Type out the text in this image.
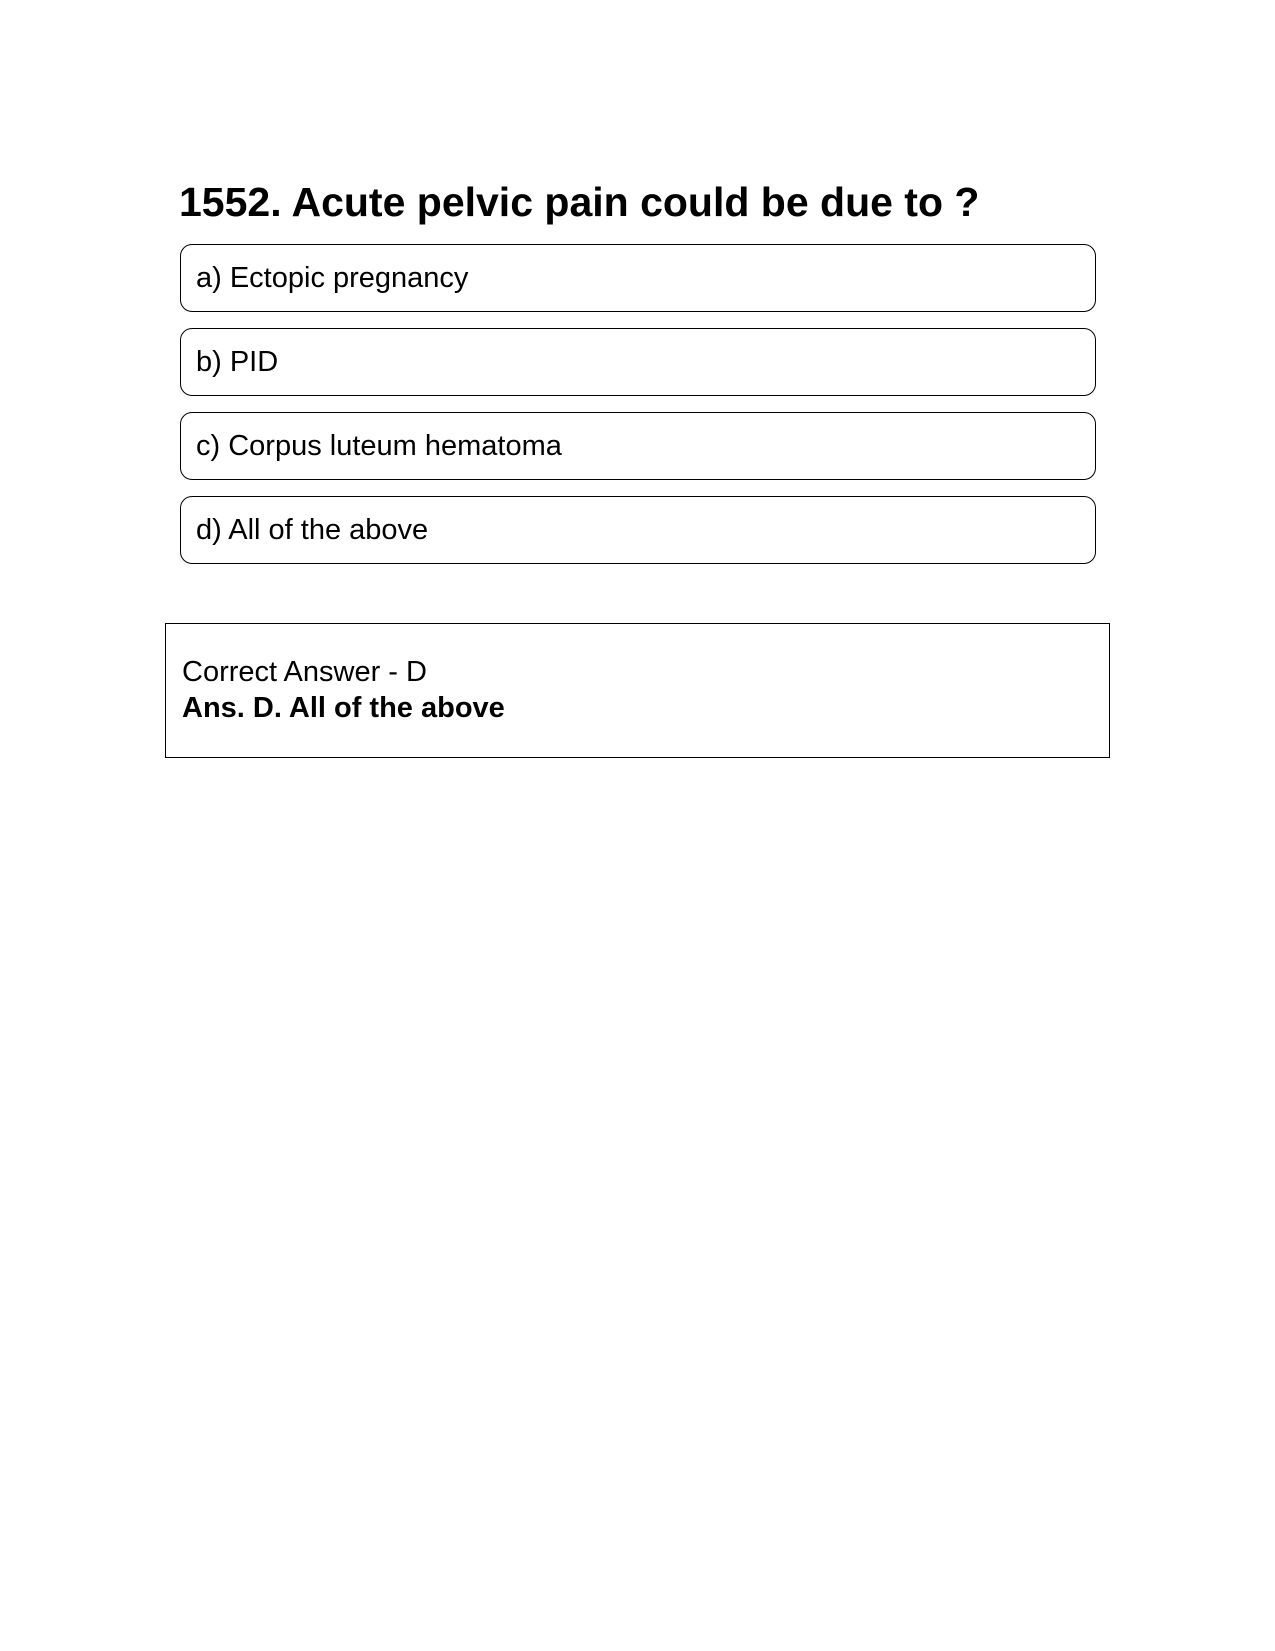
1552. Acute pelvic pain could be due to ?
a) Ectopic pregnancy
b) PID
c) Corpus luteum hematoma
d) All of the above
Correct Answer - D
Ans. D. All of the above
